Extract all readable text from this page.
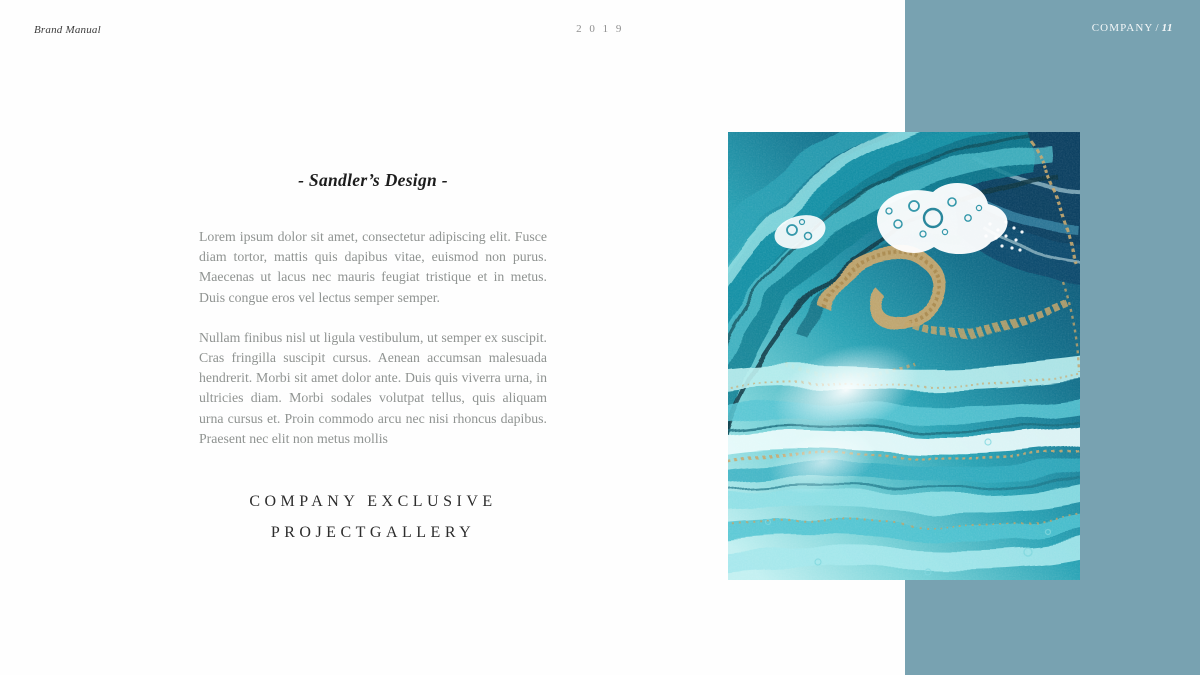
Brand Manual	2 0 1 9	COMPANY / 11
- Sandler’s Design -

Lorem ipsum dolor sit amet, consectetur adipiscing elit. Fusce diam tortor, mattis quis dapibus vitae, euismod non purus. Maecenas ut lacus nec mauris feugiat tristique et in metus. Duis congue eros vel lectus semper semper.

Nullam finibus nisl ut ligula vestibulum, ut semper ex suscipit. Cras fringilla suscipit cursus. Aenean accumsan malesuada hendrerit. Morbi sit amet dolor ante. Duis quis viverra urna, in ultricies diam. Morbi sodales volutpat tellus, quis aliquam urna cursus et. Proin commodo arcu nec nisi rhoncus dapibus. Praesent nec elit non metus mollis

COMPANY EXCLUSIVE
PROJECTGALLERY
